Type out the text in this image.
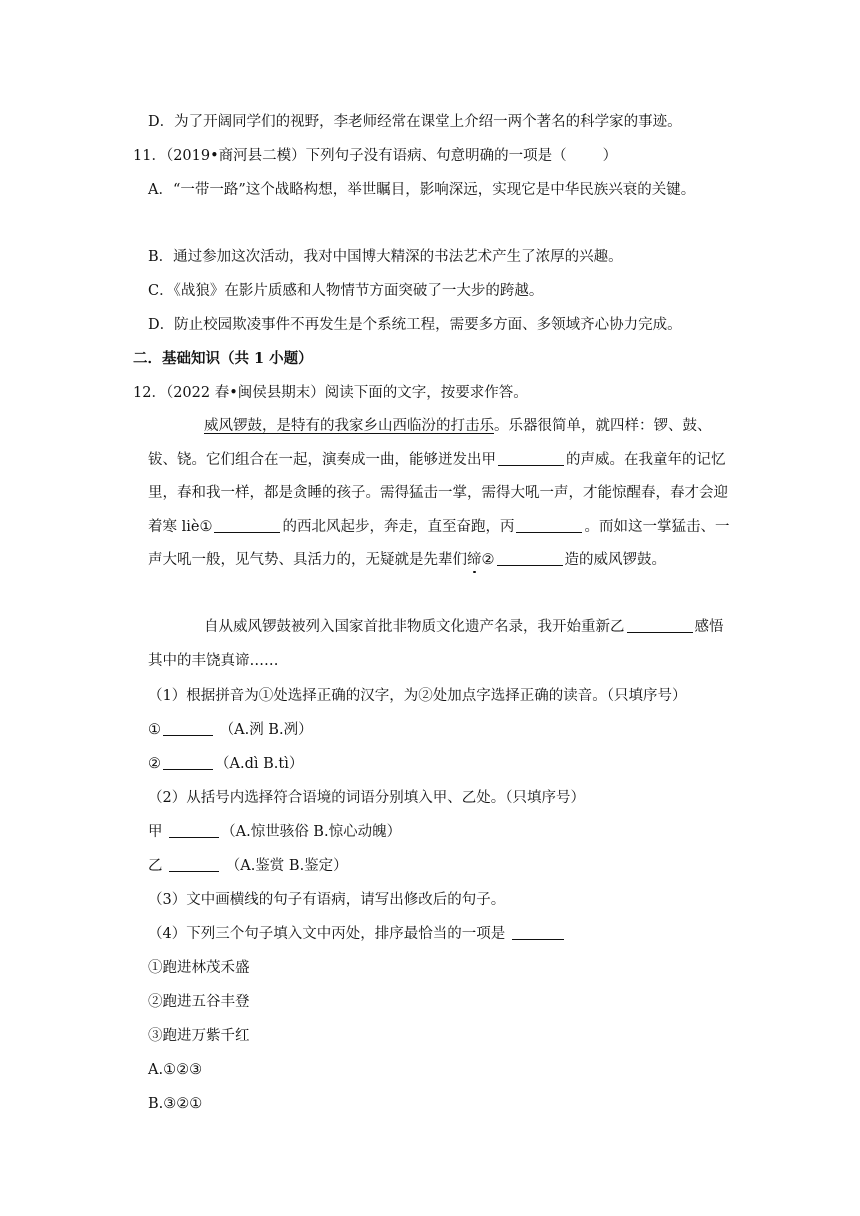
D．为了开阔同学们的视野，李老师经常在课堂上介绍一两个著名的科学家的事迹。
11．（2019•商河县二模）下列句子没有语病、句意明确的一项是（ ）
A．“一带一路”这个战略构想，举世瞩目，影响深远，实现它是中华民族兴衰的关键。
B．通过参加这次活动，我对中国博大精深的书法艺术产生了浓厚的兴趣。
C．《战狼》在影片质感和人物情节方面突破了一大步的跨越。
D．防止校园欺凌事件不再发生是个系统工程，需要多方面、多领域齐心协力完成。
二．基础知识（共 1 小题）
12．（2022 春•闽侯县期末）阅读下面的文字，按要求作答。
威风锣鼓，是特有的我家乡山西临汾的打击乐。乐器很简单，就四样：锣、鼓、钹、铙。它们组合在一起，演奏成一曲，能够迸发出甲	的声威。在我童年的记忆里，春和我一样，都是贪睡的孩子。需得猛击一掌，需得大吼一声，才能惊醒春，春才会迎着寒 liè①	的西北风起步，奔走，直至奋跑，丙	。而如这一掌猛击、一声大吼一般，见气势、具活力的，无疑就是先辈们缔②	造的威风锣鼓。
自从威风锣鼓被列入国家首批非物质文化遗产名录，我开始重新乙	感悟其中的丰饶真谛……
（1）根据拼音为①处选择正确的汉字，为②处加点字选择正确的读音。（只填序号）
①	（A.洌 B.冽）
②	（A.dì B.tì）
（2）从括号内选择符合语境的词语分别填入甲、乙处。（只填序号）
甲	（A.惊世骇俗 B.惊心动魄）
乙	（A.鉴赏 B.鉴定）
（3）文中画横线的句子有语病，请写出修改后的句子。
（4）下列三个句子填入文中丙处，排序最恰当的一项是
①跑进林茂禾盛
②跑进五谷丰登
③跑进万紫千红
A.①②③
B.③②①
